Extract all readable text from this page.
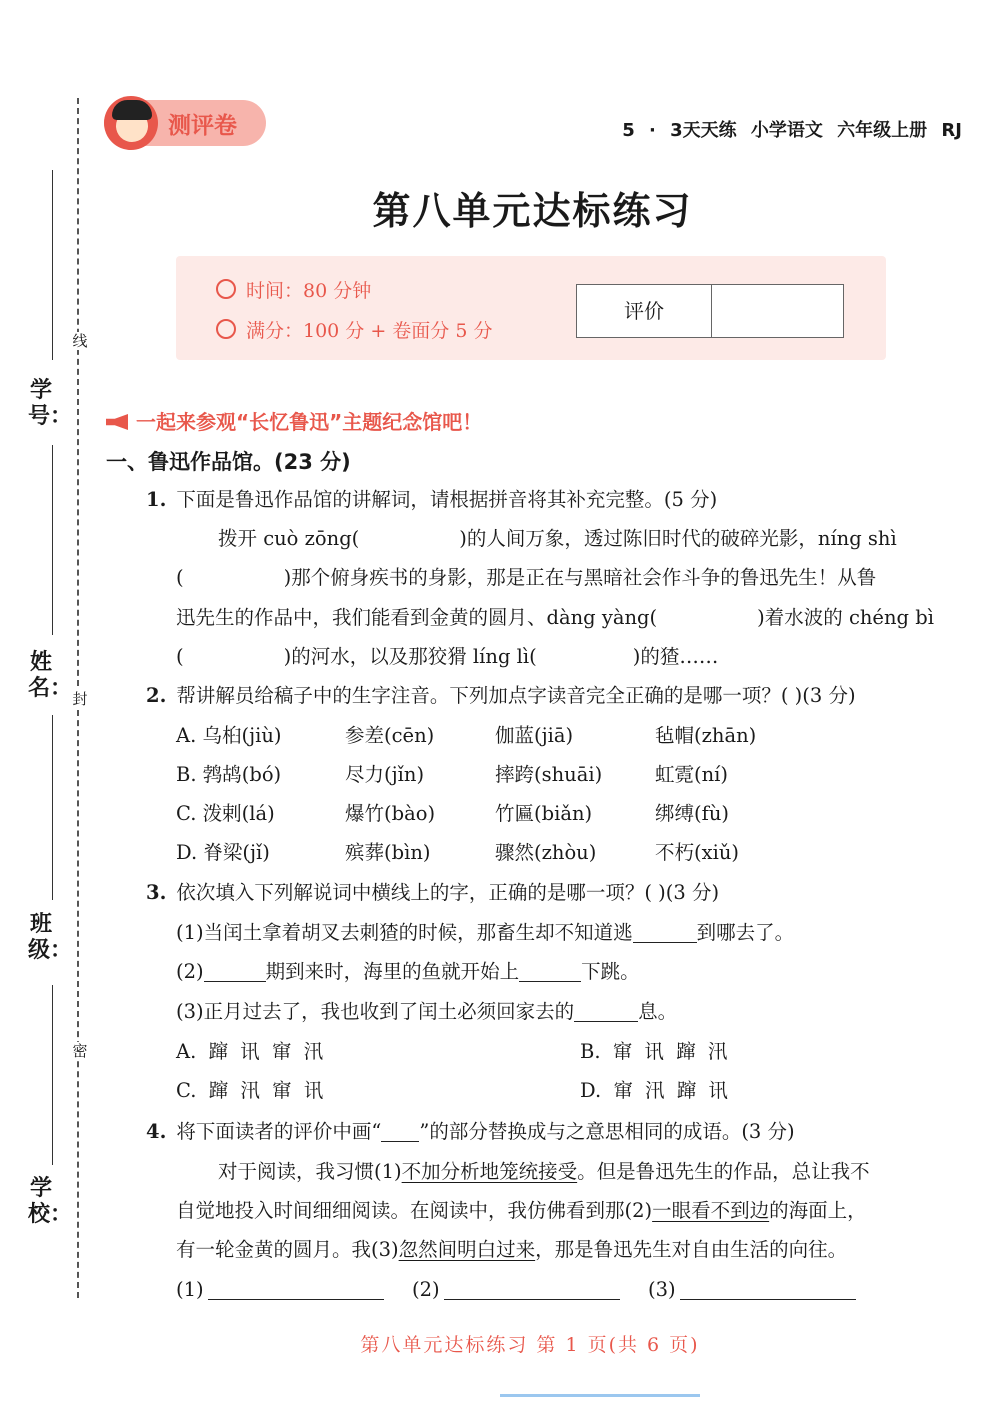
学号：
姓名：
班级：
学校：
线
封
密
测评卷	5 · 3天天练 小学语文 六年级上册 RJ
第八单元达标练习
时间：80 分钟
满分：100 分 + 卷面分 5 分
评价
一起来参观“长忆鲁迅”主题纪念馆吧！
一、鲁迅作品馆。(23 分)
1. 下面是鲁迅作品馆的讲解词，请根据拼音将其补充完整。(5 分)
拨开 cuò zōng(	)的人间万象，透过陈旧时代的破碎光影，níng shì
(	)那个俯身疾书的身影，那是正在与黑暗社会作斗争的鲁迅先生！从鲁
迅先生的作品中，我们能看到金黄的圆月、dàng yàng(	)着水波的 chéng bì
(	)的河水，以及那狡猾 líng lì(	)的猹……
2. 帮讲解员给稿子中的生字注音。下列加点字读音完全正确的是哪一项？( )(3 分)
A. 乌桕(jiù)	参差(cēn)	伽蓝(jiā)	毡帽(zhān)
B. 鹁鸪(bó)	尽力(jǐn)	摔跨(shuāi)	虹霓(ní)
C. 泼剌(lá)	爆竹(bào)	竹匾(biǎn)	绑缚(fù)
D. 脊梁(jǐ)	殡葬(bìn)	骤然(zhòu)	不朽(xiǔ)
3. 依次填入下列解说词中横线上的字，正确的是哪一项？( )(3 分)
(1)当闰土拿着胡叉去刺猹的时候，那畜生却不知道逃	到哪去了。
(2)	期到来时，海里的鱼就开始上	下跳。
(3)正月过去了，我也收到了闰土必须回家去的	息。
A. 蹿 讯 窜 汛	B. 窜 讯 蹿 汛
C. 蹿 汛 窜 讯	D. 窜 汛 蹿 讯
4. 将下面读者的评价中画“ ”的部分替换成与之意思相同的成语。(3 分)
对于阅读，我习惯(1)不加分析地笼统接受。但是鲁迅先生的作品，总让我不
自觉地投入时间细细阅读。在阅读中，我仿佛看到那(2)一眼看不到边的海面上，
有一轮金黄的圆月。我(3)忽然间明白过来，那是鲁迅先生对自由生活的向往。
(1)	(2)	(3)
第八单元达标练习 第 1 页(共 6 页)
